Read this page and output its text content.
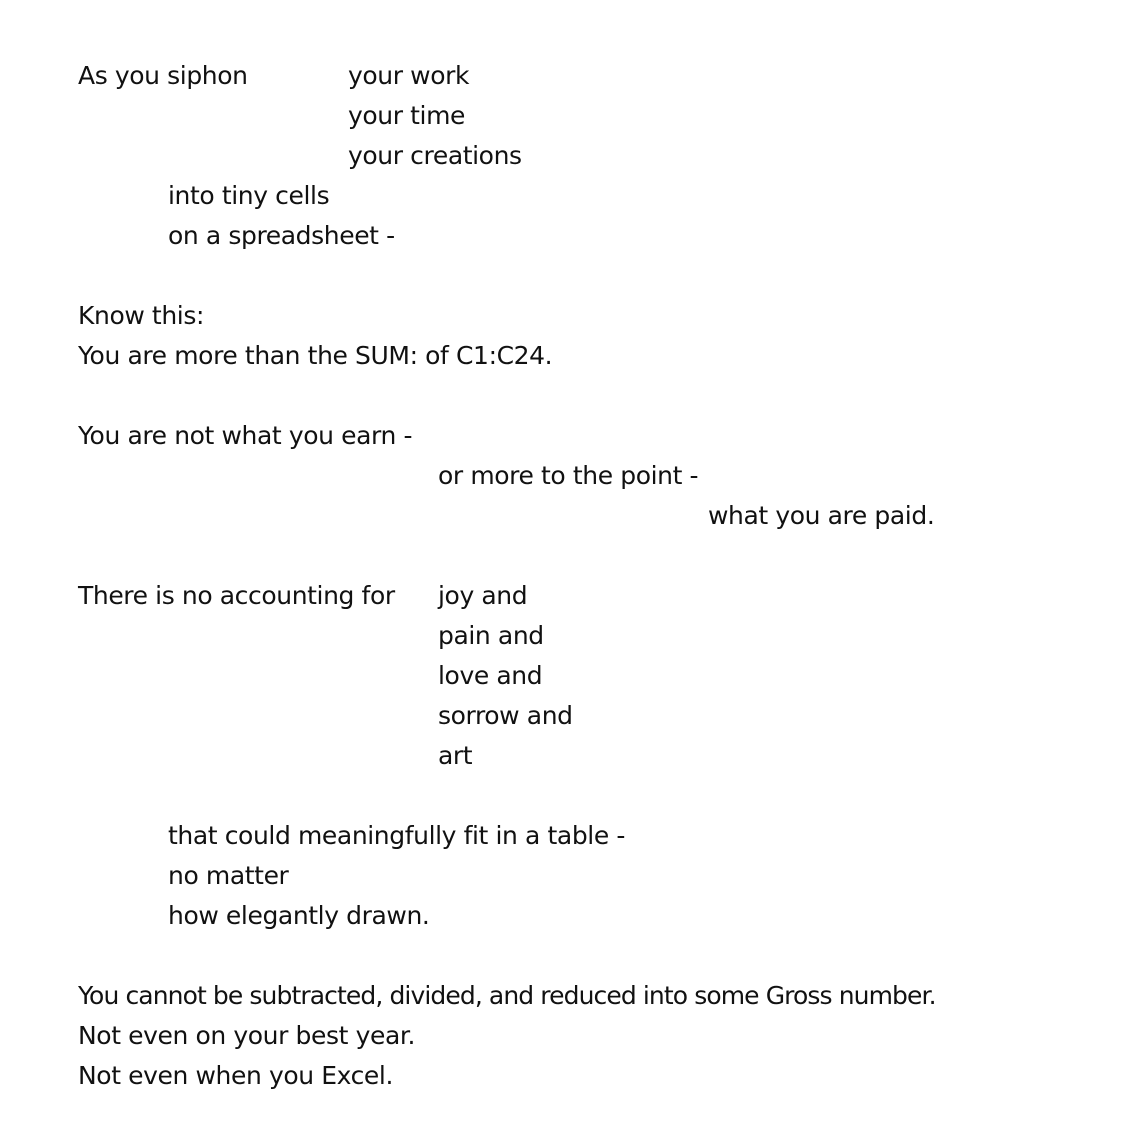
As you siphon	your work
your time
your creations
into tiny cells
on a spreadsheet -
Know this:
You are more than the SUM: of C1:C24.
You are not what you earn -
or more to the point -
what you are paid.
There is no accounting for joy and
pain and
love and
sorrow and
art
that could meaningfully fit in a table -
no matter
how elegantly drawn.
You cannot be subtracted, divided, and reduced into some Gross number.
Not even on your best year.
Not even when you Excel.
